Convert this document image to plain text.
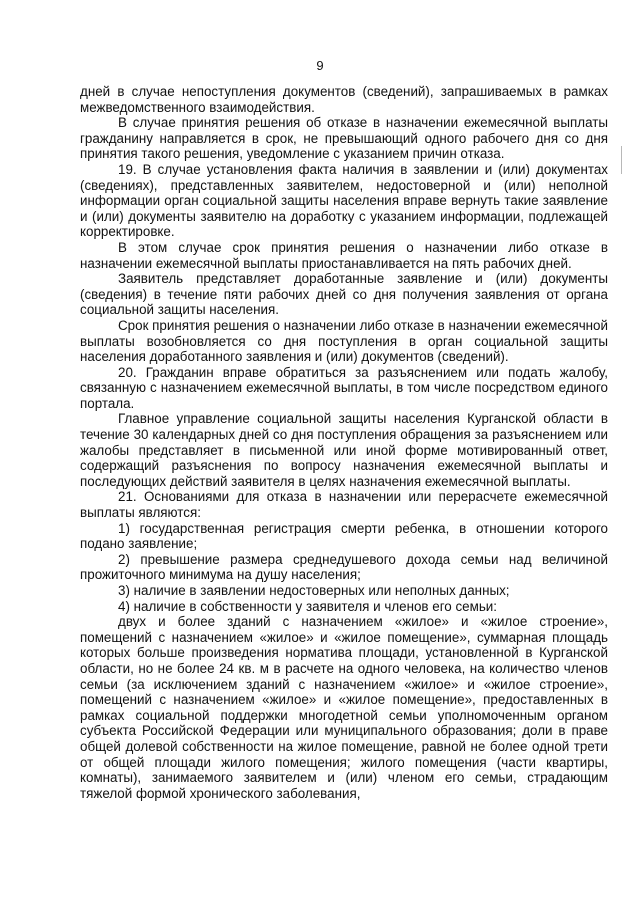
9

дней в случае непоступления документов (сведений), запрашиваемых в рамках межведомственного взаимодействия.

В случае принятия решения об отказе в назначении ежемесячной выплаты гражданину направляется в срок, не превышающий одного рабочего дня со дня принятия такого решения, уведомление с указанием причин отказа.

19. В случае установления факта наличия в заявлении и (или) документах (сведениях), представленных заявителем, недостоверной и (или) неполной информации орган социальной защиты населения вправе вернуть такие заявление и (или) документы заявителю на доработку с указанием информации, подлежащей корректировке.

В этом случае срок принятия решения о назначении либо отказе в назначении ежемесячной выплаты приостанавливается на пять рабочих дней.

Заявитель представляет доработанные заявление и (или) документы (сведения) в течение пяти рабочих дней со дня получения заявления от органа социальной защиты населения.

Срок принятия решения о назначении либо отказе в назначении ежемесячной выплаты возобновляется со дня поступления в орган социальной защиты населения доработанного заявления и (или) документов (сведений).

20. Гражданин вправе обратиться за разъяснением или подать жалобу, связанную с назначением ежемесячной выплаты, в том числе посредством единого портала.

Главное управление социальной защиты населения Курганской области в течение 30 календарных дней со дня поступления обращения за разъяснением или жалобы представляет в письменной или иной форме мотивированный ответ, содержащий разъяснения по вопросу назначения ежемесячной выплаты и последующих действий заявителя в целях назначения ежемесячной выплаты.

21. Основаниями для отказа в назначении или перерасчете ежемесячной выплаты являются:

1) государственная регистрация смерти ребенка, в отношении которого подано заявление;

2) превышение размера среднедушевого дохода семьи над величиной прожиточного минимума на душу населения;

3) наличие в заявлении недостоверных или неполных данных;

4) наличие в собственности у заявителя и членов его семьи:

двух и более зданий с назначением «жилое» и «жилое строение», помещений с назначением «жилое» и «жилое помещение», суммарная площадь которых больше произведения норматива площади, установленной в Курганской области, но не более 24 кв. м в расчете на одного человека, на количество членов семьи (за исключением зданий с назначением «жилое» и «жилое строение», помещений с назначением «жилое» и «жилое помещение», предоставленных в рамках социальной поддержки многодетной семьи уполномоченным органом субъекта Российской Федерации или муниципального образования; доли в праве общей долевой собственности на жилое помещение, равной не более одной трети от общей площади жилого помещения; жилого помещения (части квартиры, комнаты), занимаемого заявителем и (или) членом его семьи, страдающим тяжелой формой хронического заболевания,
